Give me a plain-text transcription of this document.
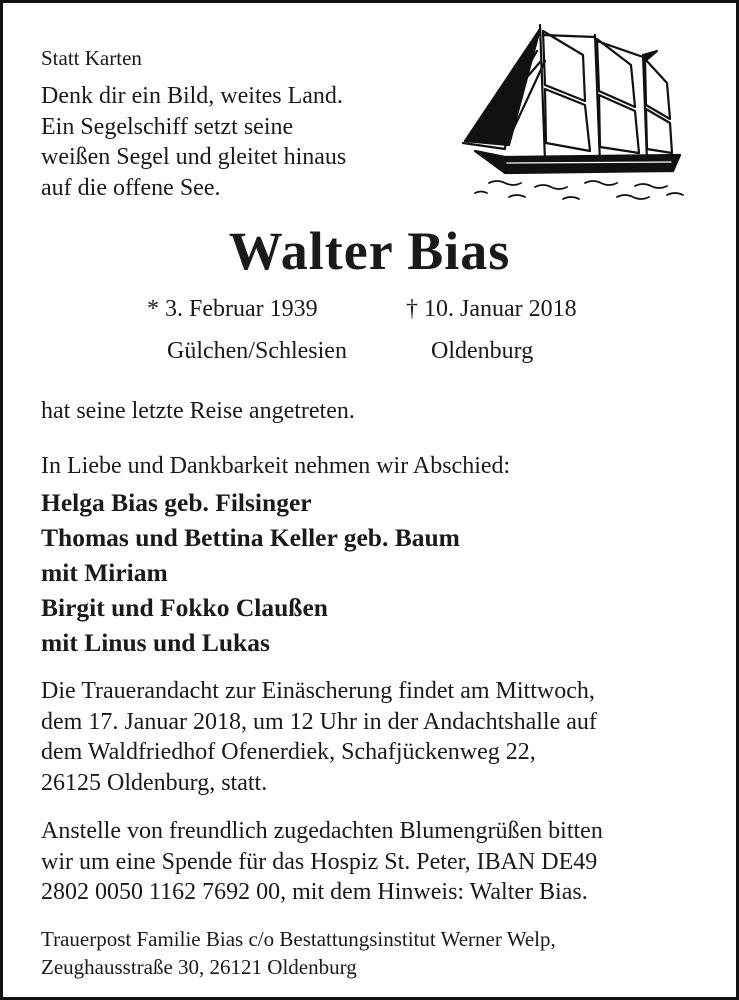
Statt Karten
Denk dir ein Bild, weites Land.
Ein Segelschiff setzt seine
weißen Segel und gleitet hinaus
auf die offene See.
Walter Bias
* 3. Februar 1939	† 10. Januar 2018
Gülchen/Schlesien	Oldenburg
hat seine letzte Reise angetreten.
In Liebe und Dankbarkeit nehmen wir Abschied:
Helga Bias geb. Filsinger
Thomas und Bettina Keller geb. Baum
mit Miriam
Birgit und Fokko Claußen
mit Linus und Lukas
Die Trauerandacht zur Einäscherung findet am Mittwoch,
dem 17. Januar 2018, um 12 Uhr in der Andachtshalle auf
dem Waldfriedhof Ofenerdiek, Schafjückenweg 22,
26125 Oldenburg, statt.
Anstelle von freundlich zugedachten Blumengrüßen bitten
wir um eine Spende für das Hospiz St. Peter, IBAN DE49
2802 0050 1162 7692 00, mit dem Hinweis: Walter Bias.
Trauerpost Familie Bias c/o Bestattungsinstitut Werner Welp,
Zeughausstraße 30, 26121 Oldenburg
